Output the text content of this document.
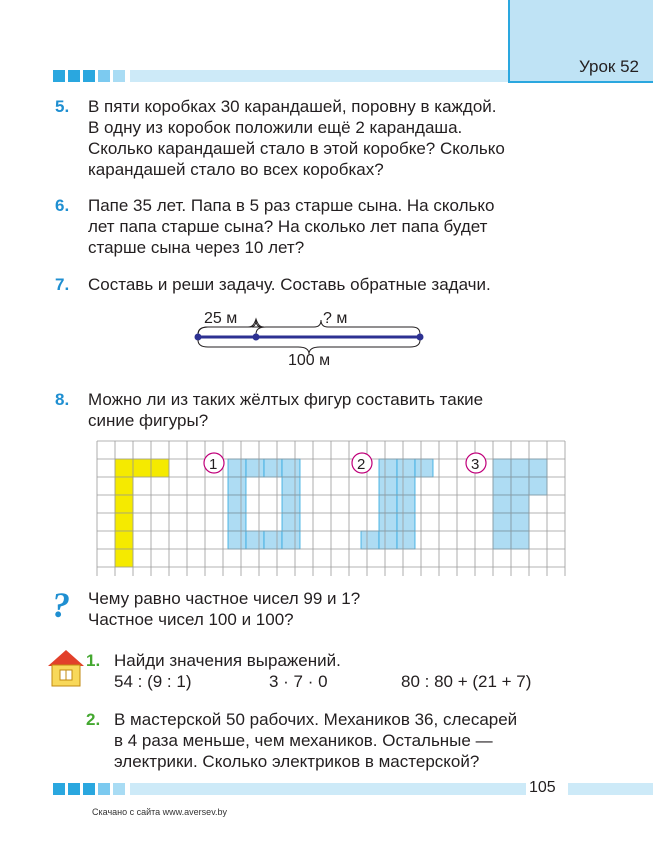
Урок 52
5.	В пяти коробках 30 карандашей, поровну в каждой.
В одну из коробок положили ещё 2 карандаша.
Сколько карандашей стало в этой коробке? Сколько
карандашей стало во всех коробках?
6.	Папе 35 лет. Папа в 5 раз старше сына. На сколько
лет папа старше сына? На сколько лет папа будет
старше сына через 10 лет?
7.	Составь и реши задачу. Составь обратные задачи.
25 м	? м
100 м
8.	Можно ли из таких жёлтых фигур составить такие
синие фигуры?
1	2	3
?	Чему равно частное чисел 99 и 1?
Частное чисел 100 и 100?
1. Найди значения выражений.
54 : (9 : 1)	3 · 7 · 0	80 : 80 + (21 + 7)
2. В мастерской 50 рабочих. Механиков 36, слесарей
в 4 раза меньше, чем механиков. Остальные —
электрики. Сколько электриков в мастерской?
105
Скачано с сайта www.aversev.by
